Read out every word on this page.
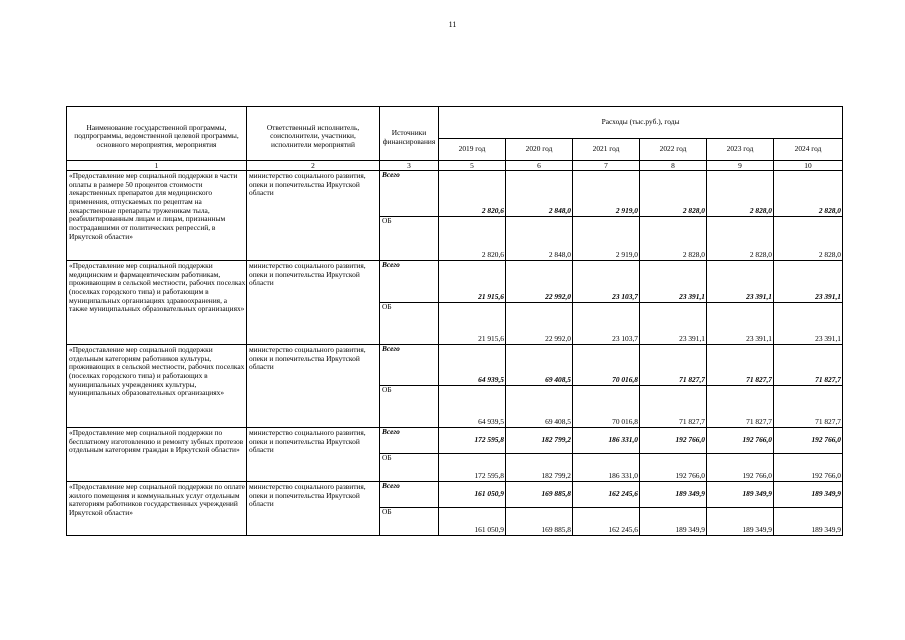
11
Наименование государственной программы, подпрограммы, ведомственной целевой программы, основного мероприятия, мероприятия	Ответственный исполнитель, соисполнители, участники, исполнители мероприятий	Источники финансирования	Расходы (тыс.руб.), годы					
			2019 год	2020 год	2021 год	2022 год	2023 год	2024 год
1	2	3	5	6	7	8	9	10
«Предоставление мер социальной поддержки в части оплаты в размере 50 процентов стоимости лекарственных препаратов для медицинского применения, отпускаемых по рецептам на лекарственные препараты труженикам тыла, реабилитированным лицам и лицам, признанным пострадавшими от политических репрессий, в Иркутской области»	министерство социального развития, опеки и попечительства Иркутской области	Всего	2 820,6	2 848,0	2 919,0	2 828,0	2 828,0	2 828,0
		ОБ	2 820,6	2 848,0	2 919,0	2 828,0	2 828,0	2 828,0
«Предоставление мер социальной поддержки медицинским и фармацевтическим работникам, проживающим в сельской местности, рабочих поселках (поселках городского типа) и работающим в муниципальных организациях здравоохранения, а также муниципальных образовательных организациях»	министерство социального развития, опеки и попечительства Иркутской области	Всего	21 915,6	22 992,0	23 103,7	23 391,1	23 391,1	23 391,1
		ОБ	21 915,6	22 992,0	23 103,7	23 391,1	23 391,1	23 391,1
«Предоставление мер социальной поддержки отдельным категориям работников культуры, проживающих в сельской местности, рабочих поселках (поселках городского типа) и работающих в муниципальных учреждениях культуры, муниципальных образовательных организациях»	министерство социального развития, опеки и попечительства Иркутской области	Всего	64 939,5	69 408,5	70 016,8	71 827,7	71 827,7	71 827,7
		ОБ	64 939,5	69 408,5	70 016,8	71 827,7	71 827,7	71 827,7
«Предоставление мер социальной поддержки по бесплатному изготовлению и ремонту зубных протезов отдельным категориям граждан в Иркутской области»	министерство социального развития, опеки и попечительства Иркутской области	Всего	172 595,8	182 799,2	186 331,0	192 766,0	192 766,0	192 766,0
		ОБ	172 595,8	182 799,2	186 331,0	192 766,0	192 766,0	192 766,0
«Предоставление мер социальной поддержки по оплате жилого помещения и коммунальных услуг отдельным категориям работников государственных учреждений Иркутской области»	министерство социального развития, опеки и попечительства Иркутской области	Всего	161 050,9	169 885,8	162 245,6	189 349,9	189 349,9	189 349,9
		ОБ	161 050,9	169 885,8	162 245,6	189 349,9	189 349,9	189 349,9
